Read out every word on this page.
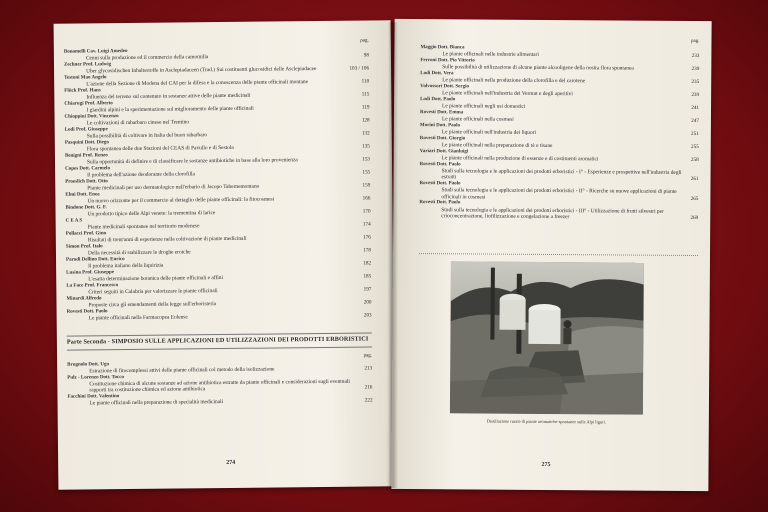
pag.
Bonomelli Cav. Luigi Amedeo
Cenni sulla produzione ed il commercio della camomilla	98
Zechner Prof. Ludwig
Uber glycosidischen Inhaltsstoffe in Asclepiadaceen (Trad.) Sui costituenti glucosidici delle Asclepiadacee	103 / 106
Testoni Mao Angelo
L'azione della Sezione di Modena del CAI per la difesa e la conoscenza delle piante officinali montane	110
Flück Prof. Hans
Influenza del terreno sul contenuto in sostanze attive delle piante medicinali	115
Chiarugi Prof. Alberto
I giardini alpini e la sperimentazione sul miglioramento delle piante officinali	119
Chioppini Dott. Vincenzo
Le coltivazioni di rabarbaro cinese nel Trentino	128
Lodi Prof. Giuseppe
Sulla possibilità di coltivare in Italia del buon rabarbaro	132
Pasquini Dott. Diego
Flora spontanea delle due Stazioni del CEAS di Pavullo e di Sestola	135
Benigni Prof. Renzo
Sulla opportunità di definire e di classificare le sostanze antibiotiche in base alla loro provenienza	153
Copes Dott. Carmelo
Il problema dell'azione deodorante della clorofilla	155
Proeslich Dott. Otto
Piante medicinali per uso dermatologico nell'erbario di Jacopo Tabernemontano	159
Elmi Dott. Enea
Un nuovo orizzonte per il commercio al dettaglio delle piante officinali: la fitocosmesi	166
Bindone Dott. G. F.
Un prodotto tipico delle Alpi venete: la trementina di larice	170
C E A S
Piante medicinali spontanee nel territorio modenese	174
Pollacci Prof. Gino
Risultati di trent'anni di esperienze nella coltivazione di piante medicinali	176
Simon Prof. Italo
Della necessità di stabilizzare le droghe eroiche	178
Parodi Dellino Dott. Enrico
Il problema italiano della liquirizia	182
Lusina Prof. Giuseppe
L'esatta determinazione botanica delle piante officinali e affini	185
La Face Prof. Francesco
Criteri seguiti in Calabria per valorizzare le piante officinali	197
Minardi Alfredo
Proposte circa gli emendamenti della legge sull'erboristeria	200
Rovesti Dott. Paolo
Le piante officinali nella Farmacopea Eolense	203
Parte Seconda - SIMPOSIO SULLE APPLICAZIONI ED UTILIZZAZIONI DEI PRODOTTI ERBORISTICI
pag.
Brugnolo Dott. Ugo
Estrazione di fitocomplessi attivi delle piante officinali col metodo della isolizzazione	213
Pulz - Lorenzo Dott. Tocco
Costituzione chimica di alcune sostanze ad azione antibiotica estratte da piante officinali e considerazioni sugli eventuali rapporti tra costituzione chimica ed azione antibiotica	216
Facchini Dott. Valentino
Le piante officinali nella preparazione di specialità medicinali	222
274
pag.
Maggio Dott. Bianca
Le piante officinali nelle industrie alimentari	233
Ferroni Dott. Pio Vittorio
Sulle possibilità di utilizzazione di alcune piante alcooligene della nostra flora spontanea	239
Lodi Dott. Vera
Le piante officinali nella produzione della clorofilla e del carotene	235
Volvossori Dott. Sergio
Le piante officinali nell'industria dei Vermut e degli aperitivi	239
Lodi Dott. Paolo
Le piante officinali negli usi domestici	241
Rovesti Dott. Emma
Le piante officinali nella cosmesi	247
Morini Dott. Paolo
Le piante officinali nell'industria dei liquori	251
Rovesti Dott. Giorgio
Le piante officinali nella preparazione di tè e tisane	255
Variari Dott. Gianluigi
Le piante officinali nella produzione di essenze e di costituenti aromatici	258
Rovesti Dott. Paolo
Studi sulla tecnologia e le applicazioni dei prodotti erboristici - I° - Esperienze e prospettive nell'industria degli estratti	261
Rovesti Dott. Paolo
Studi sulla tecnologia e le applicazioni dei prodotti erboristici - II° - Ricerche su nuove applicazioni di piante officinali in cosmesi	265
Rovesti Dott. Paolo
Studi sulla tecnologia e le applicazioni dei prodotti erboristici - III° - Utilizzazione di frutti silvestri per crioconcentrazione, liofilizzazione e congelazione a freezer	269
Distillazione rurale di piante aromatiche spontanee sulle Alpi liguri.
275
